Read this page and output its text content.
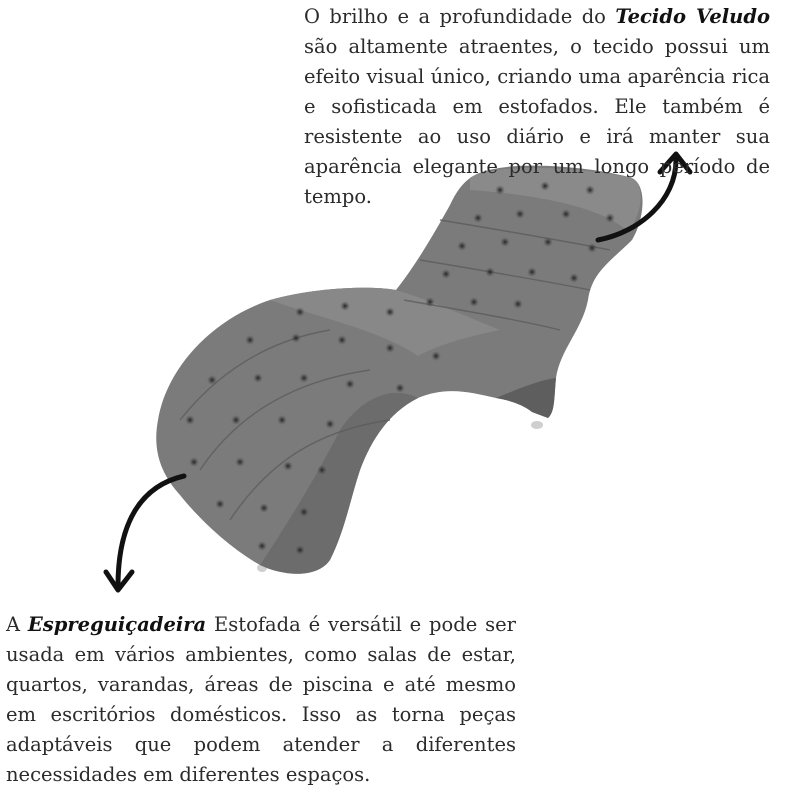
O brilho e a profundidade do Tecido Veludo são altamente atraentes, o tecido possui um efeito visual único, criando uma aparência rica e sofisticada em estofados. Ele também é resistente ao uso diário e irá manter sua aparência elegante por um longo período de tempo.

A Espreguiçadeira Estofada é versátil e pode ser usada em vários ambientes, como salas de estar, quartos, varandas, áreas de piscina e até mesmo em escritórios domésticos. Isso as torna peças adaptáveis que podem atender a diferentes necessidades em diferentes espaços.
